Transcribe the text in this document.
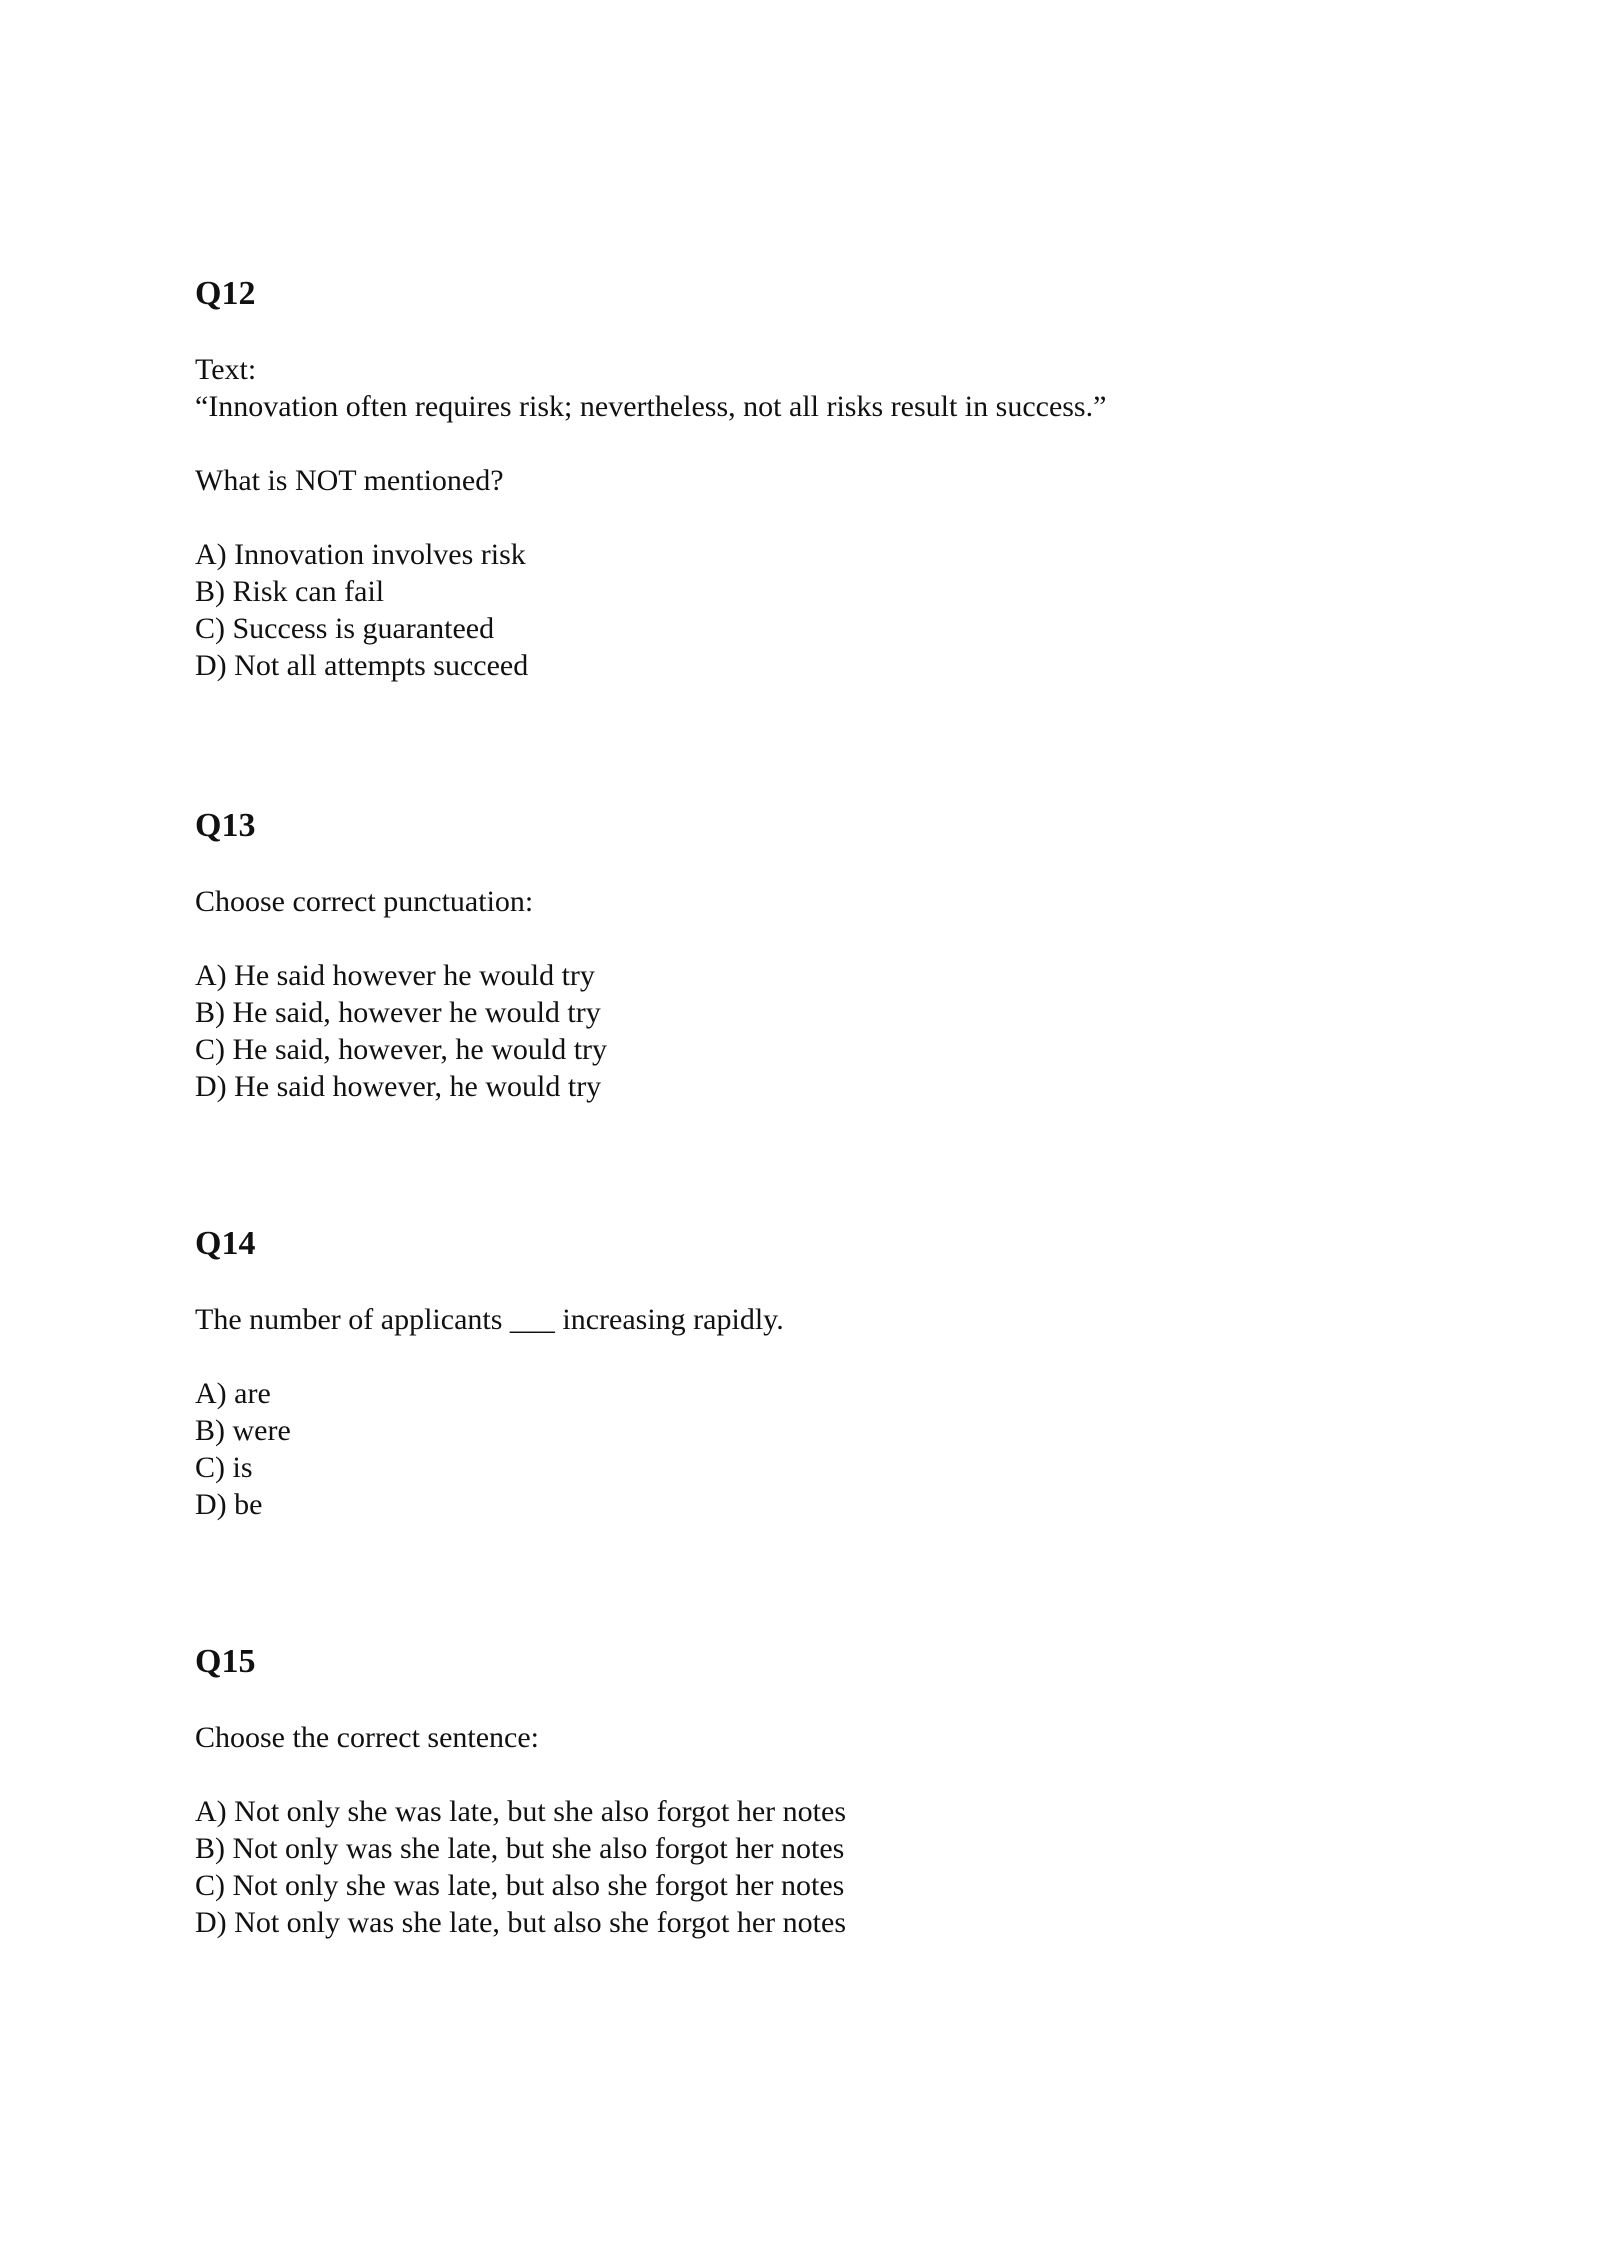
Q12
Text:
“Innovation often requires risk; nevertheless, not all risks result in success.”
What is NOT mentioned?
A) Innovation involves risk
B) Risk can fail
C) Success is guaranteed
D) Not all attempts succeed
Q13
Choose correct punctuation:
A) He said however he would try
B) He said, however he would try
C) He said, however, he would try
D) He said however, he would try
Q14
The number of applicants ___ increasing rapidly.
A) are
B) were
C) is
D) be
Q15
Choose the correct sentence:
A) Not only she was late, but she also forgot her notes
B) Not only was she late, but she also forgot her notes
C) Not only she was late, but also she forgot her notes
D) Not only was she late, but also she forgot her notes
